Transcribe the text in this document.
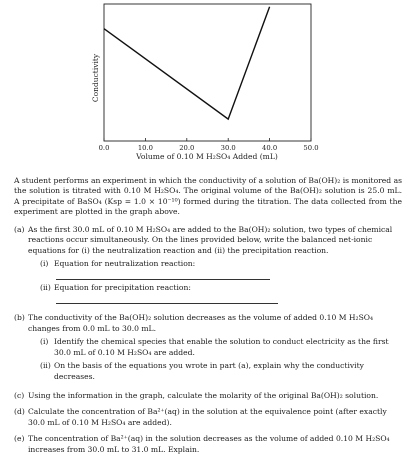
0.0	10.0	20.0	30.0	40.0	50.0
Conductivity
Volume of 0.10 M H₂SO₄ Added (mL)

A student performs an experiment in which the conductivity of a solution of Ba(OH)₂ is monitored as the solution is titrated with 0.10 M H₂SO₄. The original volume of the Ba(OH)₂ solution is 25.0 mL. A precipitate of BaSO₄ (Ksp = 1.0 × 10⁻¹⁰) formed during the titration. The data collected from the experiment are plotted in the graph above.

(a) As the first 30.0 mL of 0.10 M H₂SO₄ are added to the Ba(OH)₂ solution, two types of chemical reactions occur simultaneously. On the lines provided below, write the balanced net-ionic equations for (i) the neutralization reaction and (ii) the precipitation reaction.
(i) Equation for neutralization reaction:
(ii) Equation for precipitation reaction:
(b) The conductivity of the Ba(OH)₂ solution decreases as the volume of added 0.10 M H₂SO₄ changes from 0.0 mL to 30.0 mL.
(i) Identify the chemical species that enable the solution to conduct electricity as the first 30.0 mL of 0.10 M H₂SO₄ are added.
(ii) On the basis of the equations you wrote in part (a), explain why the conductivity decreases.
(c) Using the information in the graph, calculate the molarity of the original Ba(OH)₂ solution.
(d) Calculate the concentration of Ba²⁺(aq) in the solution at the equivalence point (after exactly 30.0 mL of 0.10 M H₂SO₄ are added).
(e) The concentration of Ba²⁺(aq) in the solution decreases as the volume of added 0.10 M H₂SO₄ increases from 30.0 mL to 31.0 mL. Explain.
